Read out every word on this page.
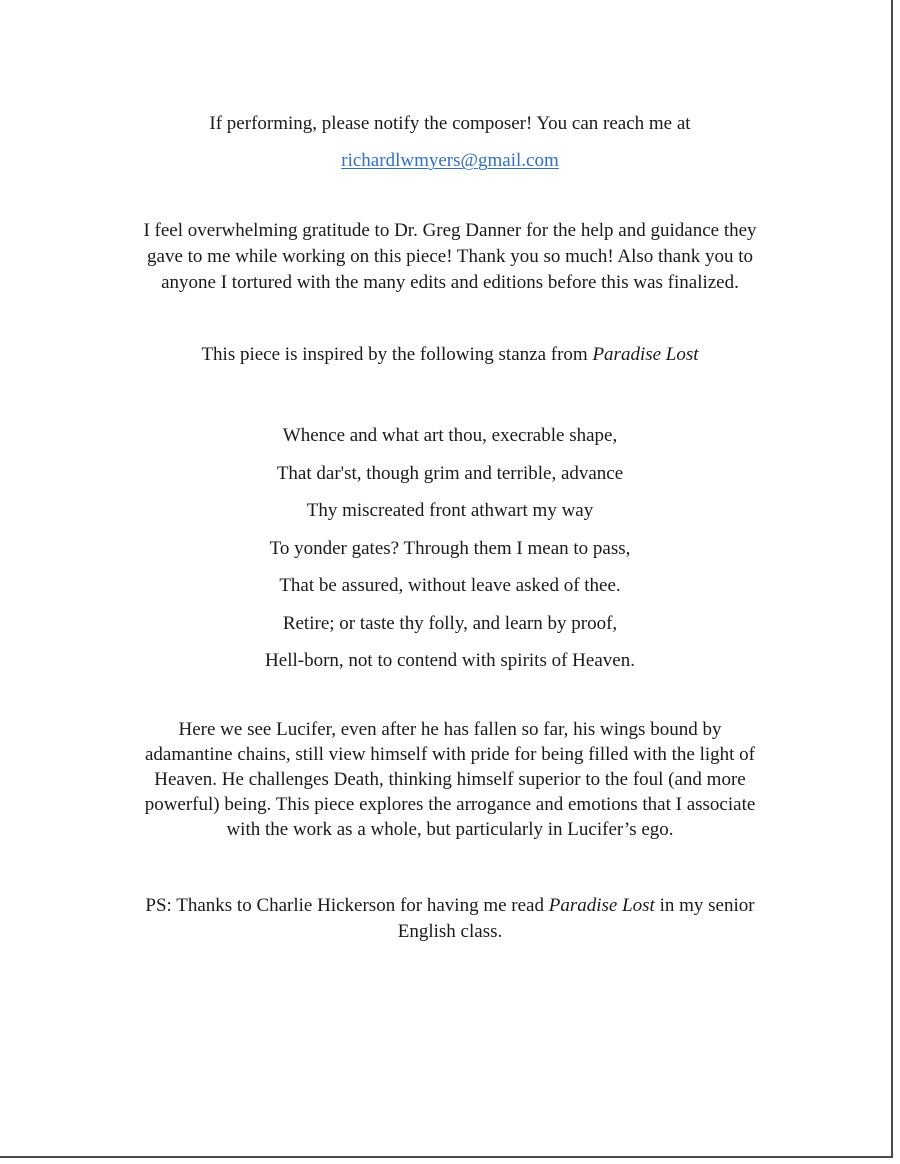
If performing, please notify the composer! You can reach me at
richardlwmyers@gmail.com
I feel overwhelming gratitude to Dr. Greg Danner for the help and guidance they
gave to me while working on this piece! Thank you so much! Also thank you to
anyone I tortured with the many edits and editions before this was finalized.
This piece is inspired by the following stanza from Paradise Lost
Whence and what art thou, execrable shape,
That dar'st, though grim and terrible, advance
Thy miscreated front athwart my way
To yonder gates? Through them I mean to pass,
That be assured, without leave asked of thee.
Retire; or taste thy folly, and learn by proof,
Hell-born, not to contend with spirits of Heaven.
Here we see Lucifer, even after he has fallen so far, his wings bound by
adamantine chains, still view himself with pride for being filled with the light of
Heaven. He challenges Death, thinking himself superior to the foul (and more
powerful) being. This piece explores the arrogance and emotions that I associate
with the work as a whole, but particularly in Lucifer’s ego.
PS: Thanks to Charlie Hickerson for having me read Paradise Lost in my senior
English class.
